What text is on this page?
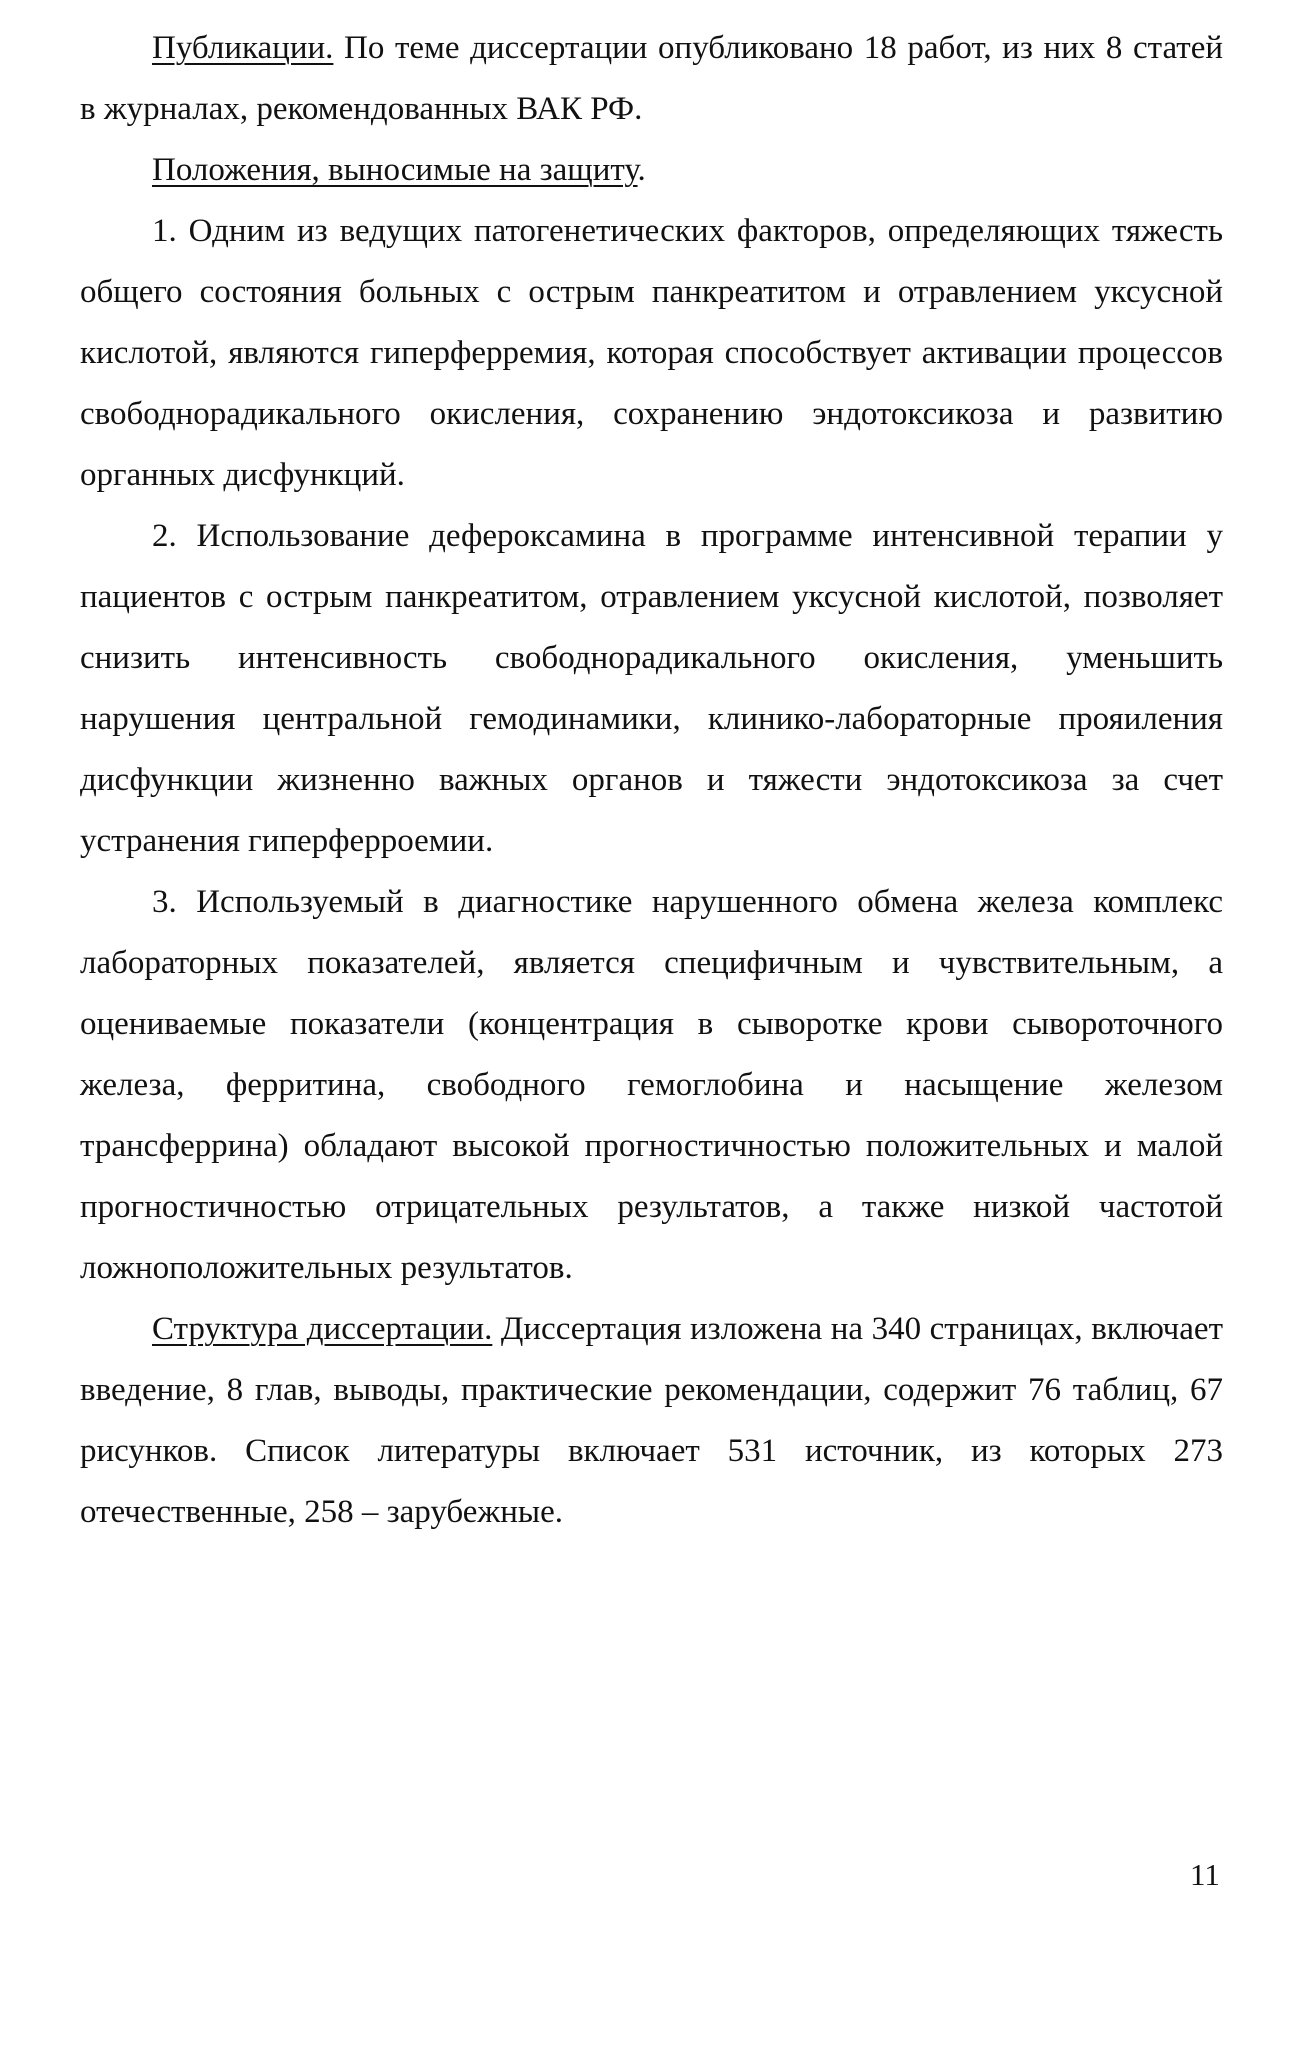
Публикации. По теме диссертации опубликовано 18 работ, из них 8 статей в журналах, рекомендованных ВАК РФ.

Положения, выносимые на защиту.

1. Одним из ведущих патогенетических факторов, определяющих тяжесть общего состояния больных с острым панкреатитом и отравлением уксусной кислотой, являются гиперферремия, которая способствует активации процессов свободнорадикального окисления, сохранению эндотоксикоза и развитию органных дисфункций.

2. Использование дефероксамина в программе интенсивной терапии у пациентов с острым панкреатитом, отравлением уксусной кислотой, позволяет снизить интенсивность свободнорадикального окисления, уменьшить нарушения центральной гемодинамики, клинико-лабораторные прояиления дисфункции жизненно важных органов и тяжести эндотоксикоза за счет устранения гиперферроемии.

3. Используемый в диагностике нарушенного обмена железа комплекс лабораторных показателей, является специфичным и чувствительным, а оцениваемые показатели (концентрация в сыворотке крови сывороточного железа, ферритина, свободного гемоглобина и насыщение железом трансферрина) обладают высокой прогностичностью положительных и малой прогностичностью отрицательных результатов, а также низкой частотой ложноположительных результатов.

Структура диссертации. Диссертация изложена на 340 страницах, включает введение, 8 глав, выводы, практические рекомендации, содержит 76 таблиц, 67 рисунков. Список литературы включает 531 источник, из которых 273 отечественные, 258 – зарубежные.

11
